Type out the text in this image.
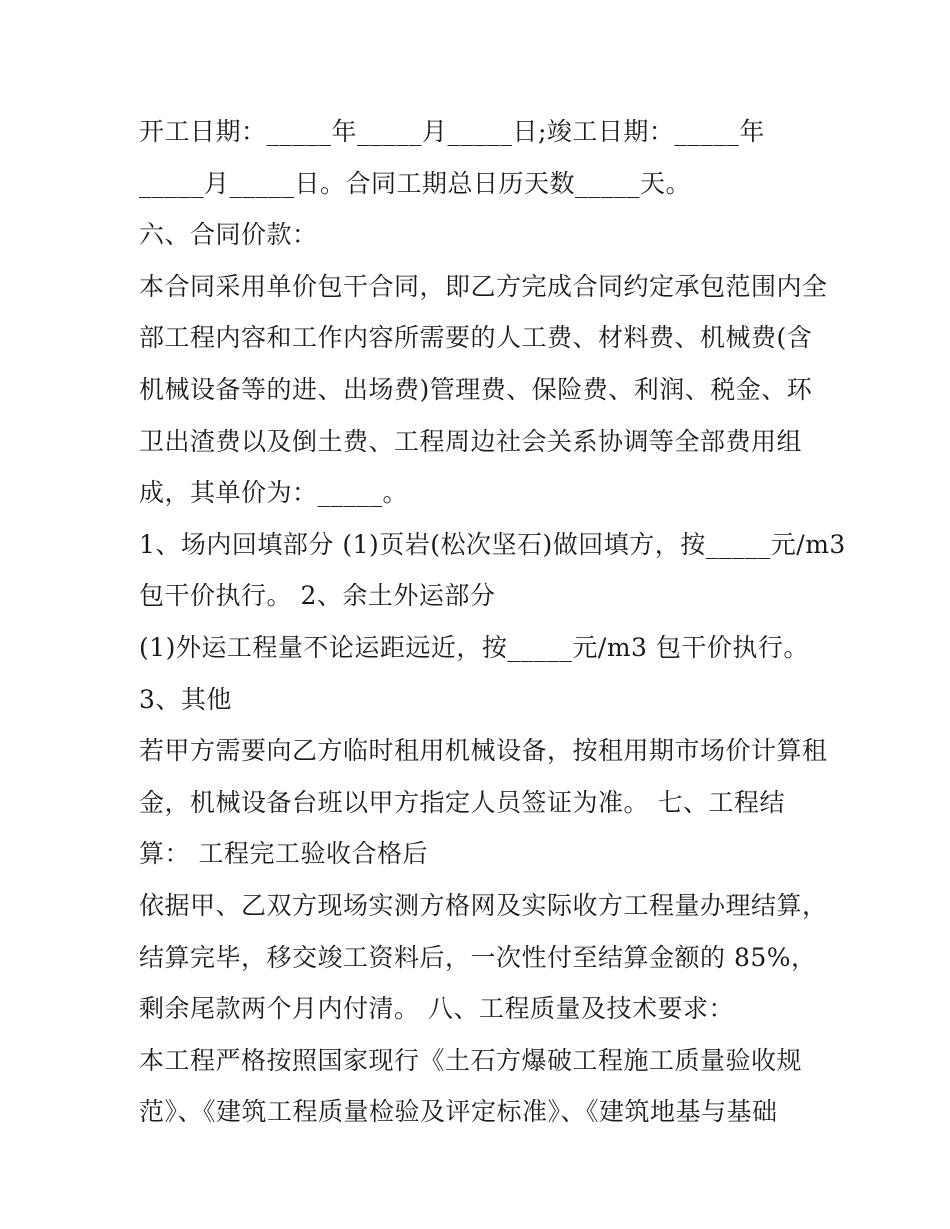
开工日期：_____年_____月_____日;竣工日期：_____年
_____月_____日。合同工期总日历天数_____天。
六、合同价款：
本合同采用单价包干合同，即乙方完成合同约定承包范围内全
部工程内容和工作内容所需要的人工费、材料费、机械费(含
机械设备等的进、出场费)管理费、保险费、利润、税金、环
卫出渣费以及倒土费、工程周边社会关系协调等全部费用组
成，其单价为：_____。
1、场内回填部分 (1)页岩(松次坚石)做回填方，按_____元/m3
包干价执行。 2、余土外运部分
(1)外运工程量不论运距远近，按_____元/m3 包干价执行。
3、其他
若甲方需要向乙方临时租用机械设备，按租用期市场价计算租
金，机械设备台班以甲方指定人员签证为准。 七、工程结
算： 工程完工验收合格后
依据甲、乙双方现场实测方格网及实际收方工程量办理结算，
结算完毕，移交竣工资料后，一次性付至结算金额的 85%，
剩余尾款两个月内付清。 八、工程质量及技术要求：
本工程严格按照国家现行《土石方爆破工程施工质量验收规
范》、《建筑工程质量检验及评定标准》、《建筑地基与基础
